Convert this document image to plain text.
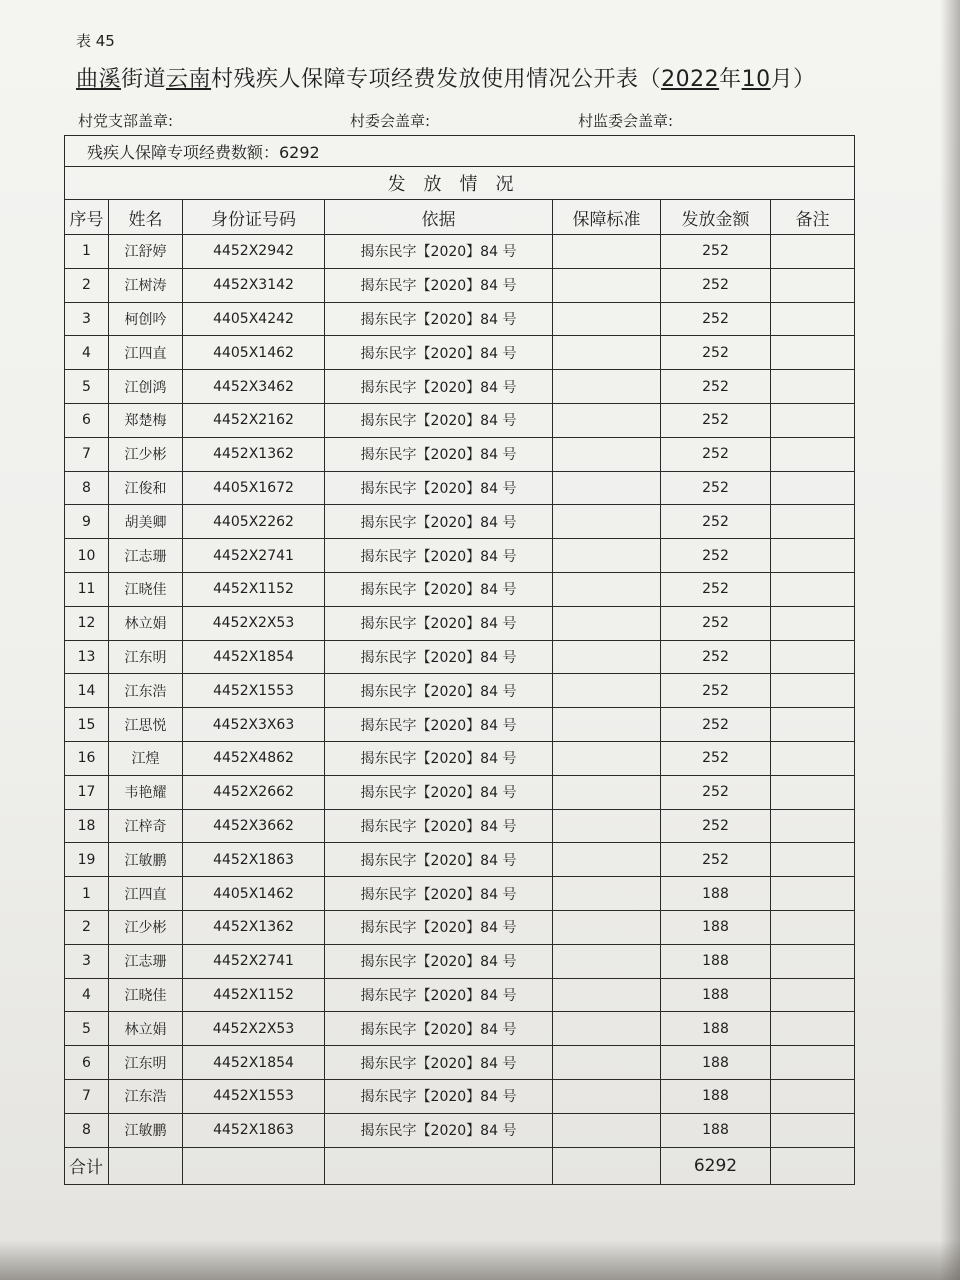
表 45
曲溪街道云南村残疾人保障专项经费发放使用情况公开表（2022年10月）
村党支部盖章:	村委会盖章:	村监委会盖章:
残疾人保障专项经费数额：6292						
发放情况						
序号	姓名	身份证号码	依据	保障标准	发放金额	备注
1	江舒婷	4452X2942	揭东民字【2020】84 号		252	
2	江树涛	4452X3142	揭东民字【2020】84 号		252	
3	柯创吟	4405X4242	揭东民字【2020】84 号		252	
4	江四直	4405X1462	揭东民字【2020】84 号		252	
5	江创鸿	4452X3462	揭东民字【2020】84 号		252	
6	郑楚梅	4452X2162	揭东民字【2020】84 号		252	
7	江少彬	4452X1362	揭东民字【2020】84 号		252	
8	江俊和	4405X1672	揭东民字【2020】84 号		252	
9	胡美卿	4405X2262	揭东民字【2020】84 号		252	
10	江志珊	4452X2741	揭东民字【2020】84 号		252	
11	江晓佳	4452X1152	揭东民字【2020】84 号		252	
12	林立娟	4452X2X53	揭东民字【2020】84 号		252	
13	江东明	4452X1854	揭东民字【2020】84 号		252	
14	江东浩	4452X1553	揭东民字【2020】84 号		252	
15	江思悦	4452X3X63	揭东民字【2020】84 号		252	
16	江煌	4452X4862	揭东民字【2020】84 号		252	
17	韦艳耀	4452X2662	揭东民字【2020】84 号		252	
18	江梓奇	4452X3662	揭东民字【2020】84 号		252	
19	江敏鹏	4452X1863	揭东民字【2020】84 号		252	
1	江四直	4405X1462	揭东民字【2020】84 号		188	
2	江少彬	4452X1362	揭东民字【2020】84 号		188	
3	江志珊	4452X2741	揭东民字【2020】84 号		188	
4	江晓佳	4452X1152	揭东民字【2020】84 号		188	
5	林立娟	4452X2X53	揭东民字【2020】84 号		188	
6	江东明	4452X1854	揭东民字【2020】84 号		188	
7	江东浩	4452X1553	揭东民字【2020】84 号		188	
8	江敏鹏	4452X1863	揭东民字【2020】84 号		188	
合计					6292	
